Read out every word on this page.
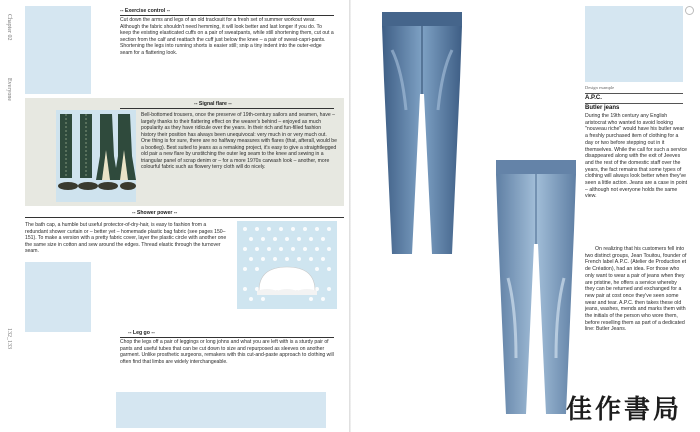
Chapter 02
Everyone
132_133
-- Exercise control --
Cut down the arms and legs of an old tracksuit for a fresh set of summer workout wear. Although the fabric shouldn't need hemming, it will look better and last longer if you do. To keep the existing elasticated cuffs on a pair of sweatpants, while still shortening them, cut out a section from the calf and reattach the cuff just below the knee – a pair of sweat-capri-pants. Shortening the legs into running shorts is easier still; snip a tiny indent into the outer-edge seam for a flattering look.
-- Signal flare --
Bell-bottomed trousers, once the preserve of 19th-century sailors and seamen, have – largely thanks to their flattering effect on the wearer's behind – enjoyed as much popularity as they have ridicule over the years. In their rich and fun-filled fashion history their position has always been unequivocal: very much in or very much out. One thing is for sure, there are no halfway measures with flares (that, afterall, would be a bootleg). Best suited to jeans as a remaking project, it's easy to give a straightlegged old pair a new flare by unstitching the outer leg seam to the knee and sewing in a triangular panel of scrap denim or – for a more 1970s carwash look – another, more colourful fabric such as flowery terry cloth will do nicely.
-- Shower power --
The bath cap, a humble but useful protector-of-dry-hair, is easy to fashion from a redundant shower curtain or – better yet – homemade plastic bag fabric (see pages 150–151). To make a version with a pretty fabric cover, layer the plastic circle with another one the same size in cotton and sew around the edges. Thread elastic through the turnover seam.
-- Leg go --
Chop the legs off a pair of leggings or long johns and what you are left with is a sturdy pair of pants and useful tubes that can be cut down to size and repurposed as sleeves on another garment. Unlike prosthetic surgeons, remakers with this cut-and-paste approach to clothing will often find that limbs are widely interchangeable.
Design example
A.P.C.
Butler jeans
During the 19th century any English aristocrat who wanted to avoid looking "nouveau riche" would have his butler wear a freshly purchased item of clothing for a day or two before stepping out in it themselves. While the call for such a service disappeared along with the exit of Jeeves and the rest of the domestic staff over the years, the fact remains that some types of clothing will always look better when they've seen a little action. Jeans are a case in point – although not everyone holds the same view.
On realizing that his customers fell into two distinct groups, Jean Touitou, founder of French label A.P.C. (Atelier de Production et de Création), had an idea. For those who only want to wear a pair of jeans when they are pristine, he offers a service whereby they can be returned and exchanged for a new pair at cost once they've seen some wear and tear. A.P.C. then takes these old jeans, washes, mends and marks them with the initials of the person who wore them, before reselling them as part of a dedicated line: Butler Jeans.
佳作書局
